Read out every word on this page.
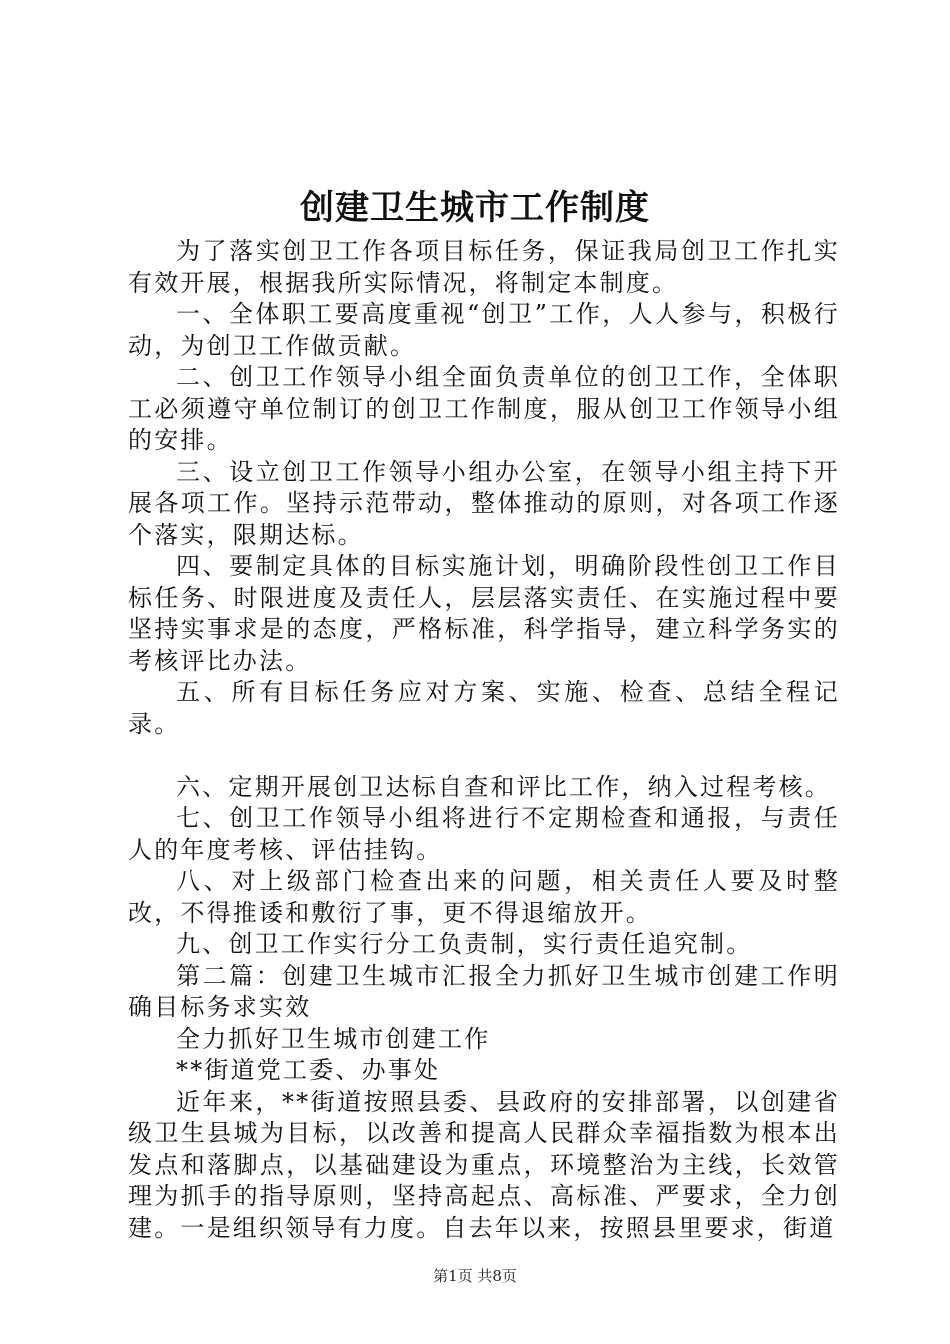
创建卫生城市工作制度

为了落实创卫工作各项目标任务，保证我局创卫工作扎实有效开展，根据我所实际情况，将制定本制度。

一、全体职工要高度重视“创卫”工作，人人参与，积极行动，为创卫工作做贡献。

二、创卫工作领导小组全面负责单位的创卫工作，全体职工必须遵守单位制订的创卫工作制度，服从创卫工作领导小组的安排。

三、设立创卫工作领导小组办公室，在领导小组主持下开展各项工作。坚持示范带动，整体推动的原则，对各项工作逐个落实，限期达标。

四、要制定具体的目标实施计划，明确阶段性创卫工作目标任务、时限进度及责任人，层层落实责任、在实施过程中要坚持实事求是的态度，严格标准，科学指导，建立科学务实的考核评比办法。

五、所有目标任务应对方案、实施、检查、总结全程记录。

六、定期开展创卫达标自查和评比工作，纳入过程考核。

七、创卫工作领导小组将进行不定期检查和通报，与责任人的年度考核、评估挂钩。

八、对上级部门检查出来的问题，相关责任人要及时整改，不得推诿和敷衍了事，更不得退缩放开。

九、创卫工作实行分工负责制，实行责任追究制。

第二篇：创建卫生城市汇报全力抓好卫生城市创建工作明确目标务求实效

全力抓好卫生城市创建工作

**街道党工委、办事处

近年来，**街道按照县委、县政府的安排部署，以创建省级卫生县城为目标，以改善和提高人民群众幸福指数为根本出发点和落脚点，以基础建设为重点，环境整治为主线，长效管理为抓手的指导原则，坚持高起点、高标准、严要求，全力创建。一是组织领导有力度。自去年以来，按照县里要求，街道

第1页 共8页
